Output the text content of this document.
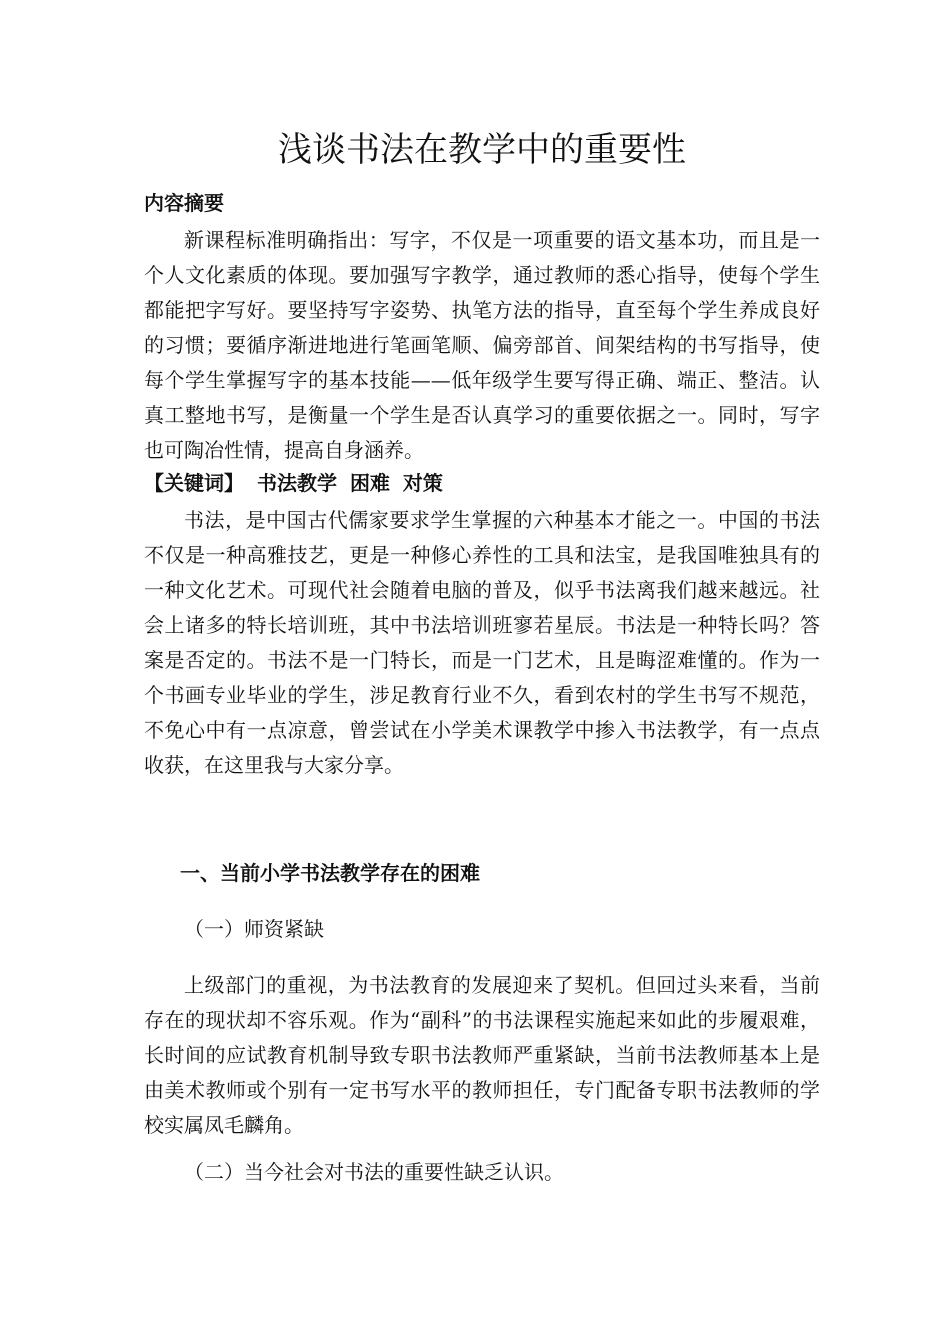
浅谈书法在教学中的重要性
内容摘要

新课程标准明确指出：写字，不仅是一项重要的语文基本功，而且是一个人文化素质的体现。要加强写字教学，通过教师的悉心指导，使每个学生都能把字写好。要坚持写字姿势、执笔方法的指导，直至每个学生养成良好的习惯；要循序渐进地进行笔画笔顺、偏旁部首、间架结构的书写指导，使每个学生掌握写字的基本技能——低年级学生要写得正确、端正、整洁。认真工整地书写，是衡量一个学生是否认真学习的重要依据之一。同时，写字也可陶冶性情，提高自身涵养。

【关键词】 书法教学 困难 对策

书法，是中国古代儒家要求学生掌握的六种基本才能之一。中国的书法不仅是一种高雅技艺，更是一种修心养性的工具和法宝，是我国唯独具有的一种文化艺术。可现代社会随着电脑的普及，似乎书法离我们越来越远。社会上诸多的特长培训班，其中书法培训班寥若星辰。书法是一种特长吗？答案是否定的。书法不是一门特长，而是一门艺术，且是晦涩难懂的。作为一个书画专业毕业的学生，涉足教育行业不久，看到农村的学生书写不规范，不免心中有一点凉意，曾尝试在小学美术课教学中掺入书法教学，有一点点收获，在这里我与大家分享。

一、当前小学书法教学存在的困难
（一）师资紧缺

上级部门的重视，为书法教育的发展迎来了契机。但回过头来看，当前存在的现状却不容乐观。作为“副科”的书法课程实施起来如此的步履艰难，长时间的应试教育机制导致专职书法教师严重紧缺，当前书法教师基本上是由美术教师或个别有一定书写水平的教师担任，专门配备专职书法教师的学校实属凤毛麟角。

（二）当今社会对书法的重要性缺乏认识。
